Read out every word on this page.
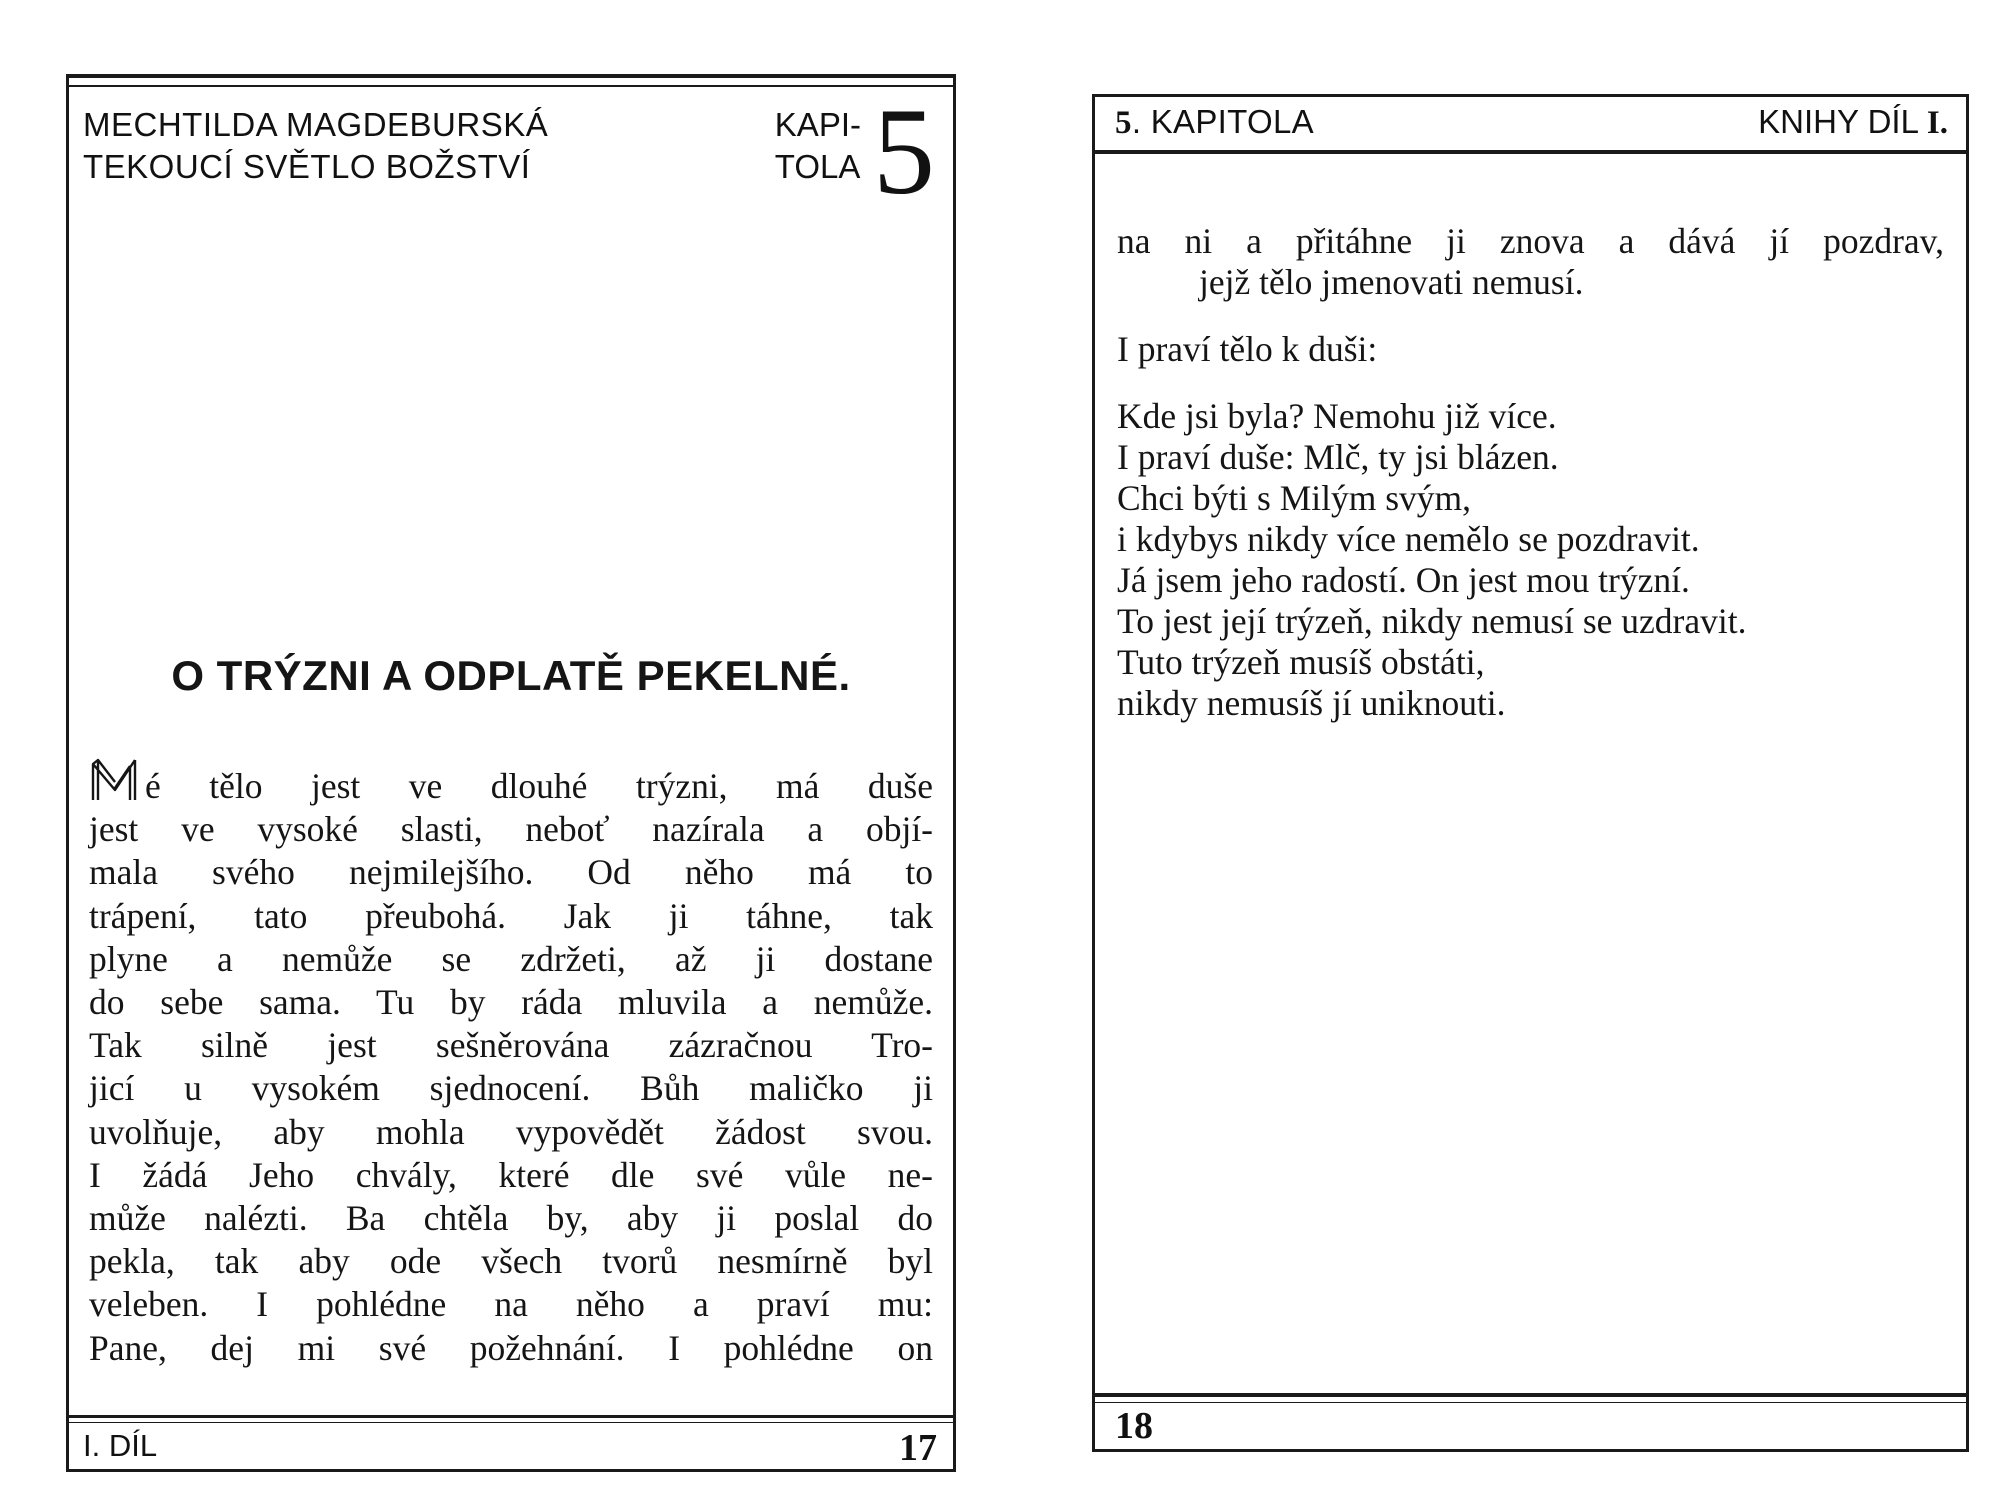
MECHTILDA MAGDEBURSKÁ
TEKOUCÍ SVĚTLO BOŽSTVÍ
KAPI-
TOLA 5
O TRÝZNI A ODPLATĚ PEKELNÉ.
M
é tělo jest ve dlouhé trýzni, má duše
jest ve vysoké slasti, neboť nazírala a objí-
mala svého nejmilejšího. Od něho má to
trápení, tato přeubohá. Jak ji táhne, tak
plyne a nemůže se zdržeti, až ji dostane
do sebe sama. Tu by ráda mluvila a nemůže.
Tak silně jest sešněrována zázračnou Tro-
jicí u vysokém sjednocení. Bůh maličko ji
uvolňuje, aby mohla vypovědět žádost svou.
I žádá Jeho chvály, které dle své vůle ne-
může nalézti. Ba chtěla by, aby ji poslal do
pekla, tak aby ode všech tvorů nesmírně byl
veleben. I pohlédne na něho a praví mu:
Pane, dej mi své požehnání. I pohlédne on
I. DÍL	17
5. KAPITOLA	KNIHY DÍL I.
na ni a přitáhne ji znova a dává jí pozdrav,
jejž tělo jmenovati nemusí.
I praví tělo k duši:
Kde jsi byla? Nemohu již více.
I praví duše: Mlč, ty jsi blázen.
Chci býti s Milým svým,
i kdybys nikdy více nemělo se pozdravit.
Já jsem jeho radostí. On jest mou trýzní.
To jest její trýzeň, nikdy nemusí se uzdravit.
Tuto trýzeň musíš obstáti,
nikdy nemusíš jí uniknouti.
18
